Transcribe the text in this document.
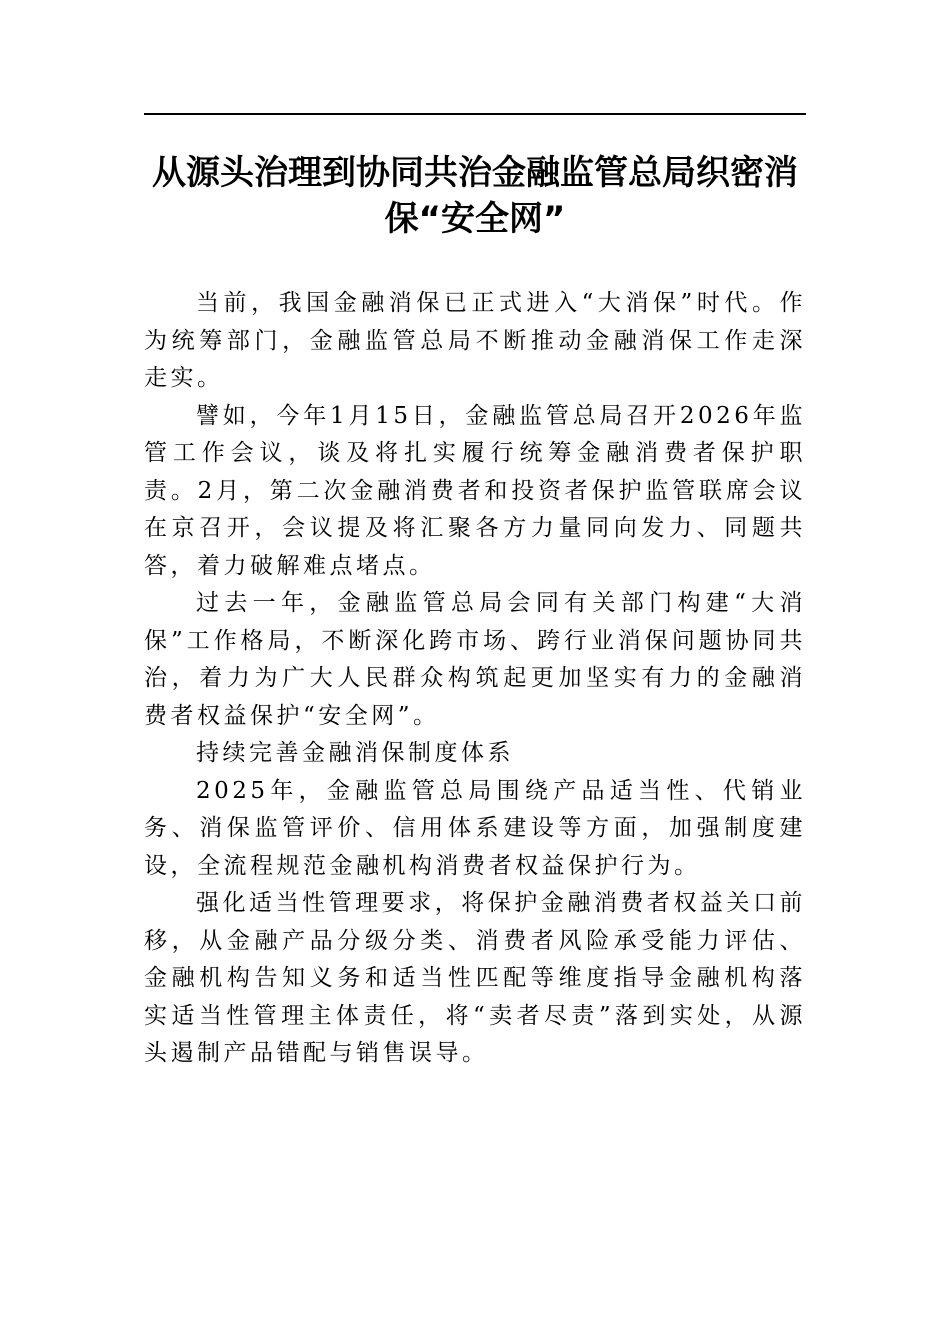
从源头治理到协同共治金融监管总局织密消保“安全网”

当前，我国金融消保已正式进入“大消保”时代。作为统筹部门，金融监管总局不断推动金融消保工作走深走实。

譬如，今年1月15日，金融监管总局召开2026年监管工作会议，谈及将扎实履行统筹金融消费者保护职责。2月，第二次金融消费者和投资者保护监管联席会议在京召开，会议提及将汇聚各方力量同向发力、同题共答，着力破解难点堵点。

过去一年，金融监管总局会同有关部门构建“大消保”工作格局，不断深化跨市场、跨行业消保问题协同共治，着力为广大人民群众构筑起更加坚实有力的金融消费者权益保护“安全网”。

持续完善金融消保制度体系

2025年，金融监管总局围绕产品适当性、代销业务、消保监管评价、信用体系建设等方面，加强制度建设，全流程规范金融机构消费者权益保护行为。

强化适当性管理要求，将保护金融消费者权益关口前移，从金融产品分级分类、消费者风险承受能力评估、金融机构告知义务和适当性匹配等维度指导金融机构落实适当性管理主体责任，将“卖者尽责”落到实处，从源头遏制产品错配与销售误导。
